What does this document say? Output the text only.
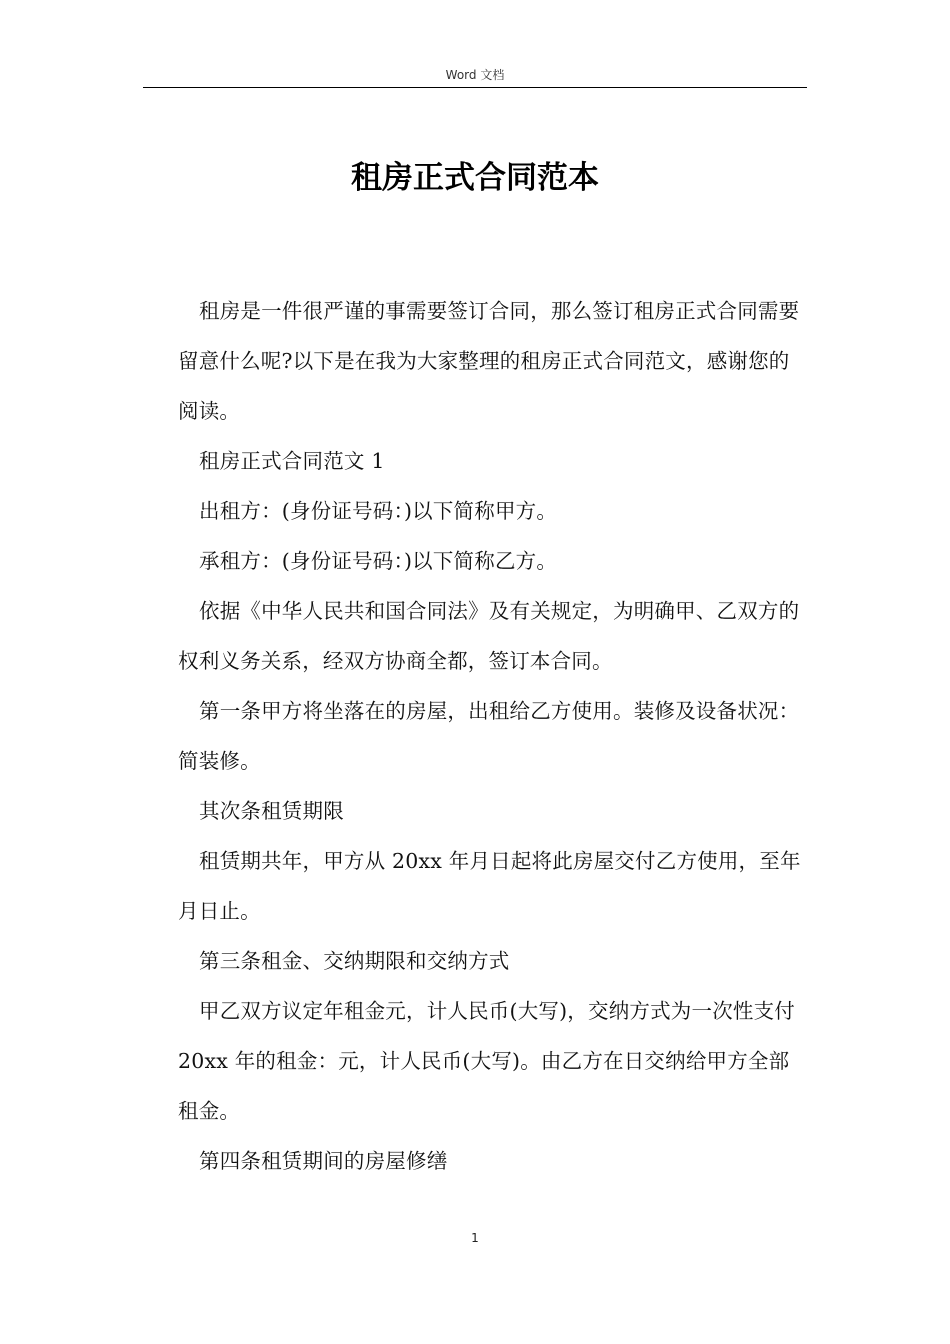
Word 文档
租房正式合同范本

租房是一件很严谨的事需要签订合同，那么签订租房正式合同需要留意什么呢?以下是在我为大家整理的租房正式合同范文，感谢您的阅读。

租房正式合同范文 1

出租方：(身份证号码：)以下简称甲方。

承租方：(身份证号码：)以下简称乙方。

依据《中华人民共和国合同法》及有关规定，为明确甲、乙双方的权利义务关系，经双方协商全都，签订本合同。

第一条甲方将坐落在的房屋，出租给乙方使用。装修及设备状况：简装修。

其次条租赁期限

租赁期共年，甲方从 20xx 年月日起将此房屋交付乙方使用，至年月日止。

第三条租金、交纳期限和交纳方式

甲乙双方议定年租金元，计人民币(大写)，交纳方式为一次性支付 20xx 年的租金：元，计人民币(大写)。由乙方在日交纳给甲方全部租金。

第四条租赁期间的房屋修缮

1
